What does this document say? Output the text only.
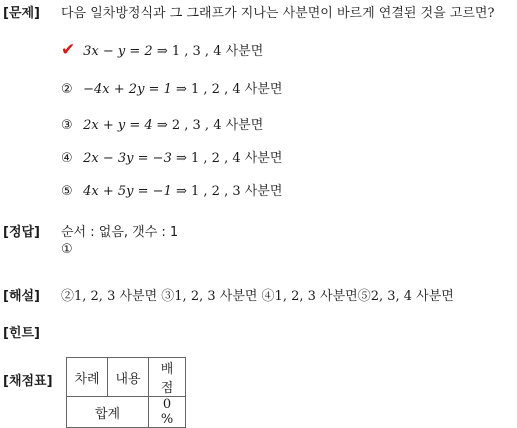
[문제] 다음 일차방정식과 그 그래프가 지나는 사분면이 바르게 연결된 것을 고르면?
✔ 3x − y = 2 ⇒ 1 , 3 , 4 사분면
② −4x + 2y = 1 ⇒ 1 , 2 , 4 사분면
③ 2x + y = 4 ⇒ 2 , 3 , 4 사분면
④ 2x − 3y = −3 ⇒ 1 , 2 , 4 사분면
⑤ 4x + 5y = −1 ⇒ 1 , 2 , 3 사분면
[정답] 순서 : 없음, 갯수 : 1
①
[해설] ②1, 2, 3 사분면 ③1, 2, 3 사분면 ④1, 2, 3 사분면⑤2, 3, 4 사분면
[힌트]
[채점표] 차례	내용	배점
합계		0 %
